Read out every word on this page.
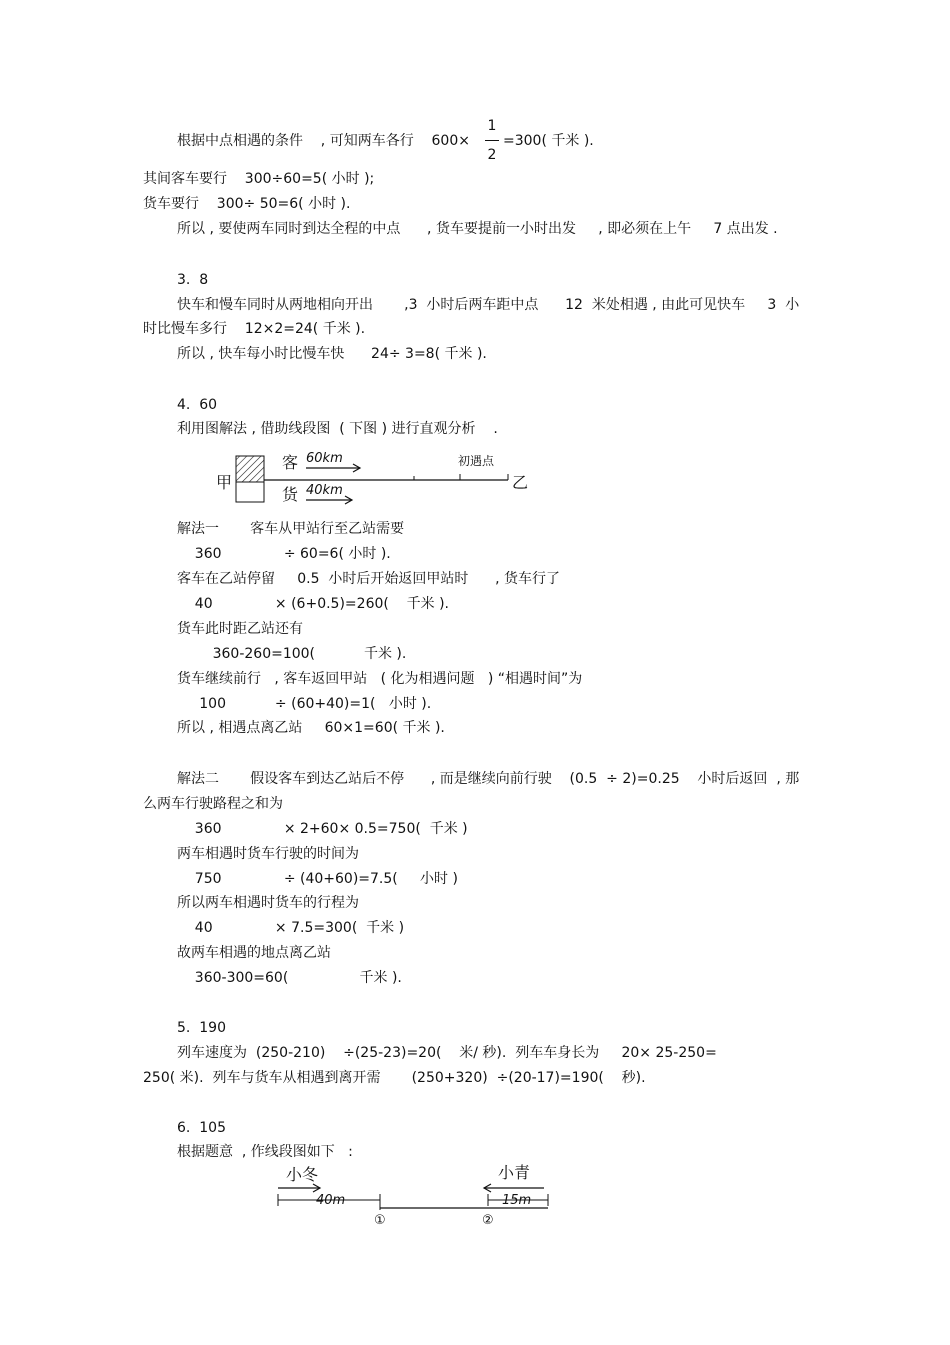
根据中点相遇的条件    , 可知两车各行    600×
1
2
=300( 千米 ).
其间客车要行    300÷60=5( 小时 );
货车要行    300÷ 50=6( 小时 ).
所以 , 要使两车同时到达全程的中点      , 货车要提前一小时出发     , 即必须在上午     7 点出发 .
3.  8
快车和慢车同时从两地相向开出       ,3  小时后两车距中点      12  米处相遇 , 由此可见快车     3  小
时比慢车多行    12×2=24( 千米 ).
所以 , 快车每小时比慢车快      24÷ 3=8( 千米 ).
4.  60
利用图解法 , 借助线段图  ( 下图 ) 进行直观分析    .
甲	乙
客 60km	初遇点
货 40km
解法一       客车从甲站行至乙站需要
360              ÷ 60=6( 小时 ).
客车在乙站停留     0.5  小时后开始返回甲站时      , 货车行了
40              × (6+0.5)=260(    千米 ).
货车此时距乙站还有
360-260=100(           千米 ).
货车继续前行   , 客车返回甲站   ( 化为相遇问题   ) “相遇时间”为
100           ÷ (60+40)=1(   小时 ).
所以 , 相遇点离乙站     60×1=60( 千米 ).
解法二       假设客车到达乙站后不停      , 而是继续向前行驶    (0.5  ÷ 2)=0.25    小时后返回  , 那
么两车行驶路程之和为
360              × 2+60× 0.5=750(  千米 )
两车相遇时货车行驶的时间为
750              ÷ (40+60)=7.5(     小时 )
所以两车相遇时货车的行程为
40              × 7.5=300(  千米 )
故两车相遇的地点离乙站
360-300=60(                千米 ).
5.  190
列车速度为  (250-210)    ÷(25-23)=20(    米/ 秒).  列车车身长为     20× 25-250=
250( 米).  列车与货车从相遇到离开需       (250+320)  ÷(20-17)=190(    秒).
6.  105
根据题意  , 作线段图如下   :
小冬
40m
①
小青
15m
②
